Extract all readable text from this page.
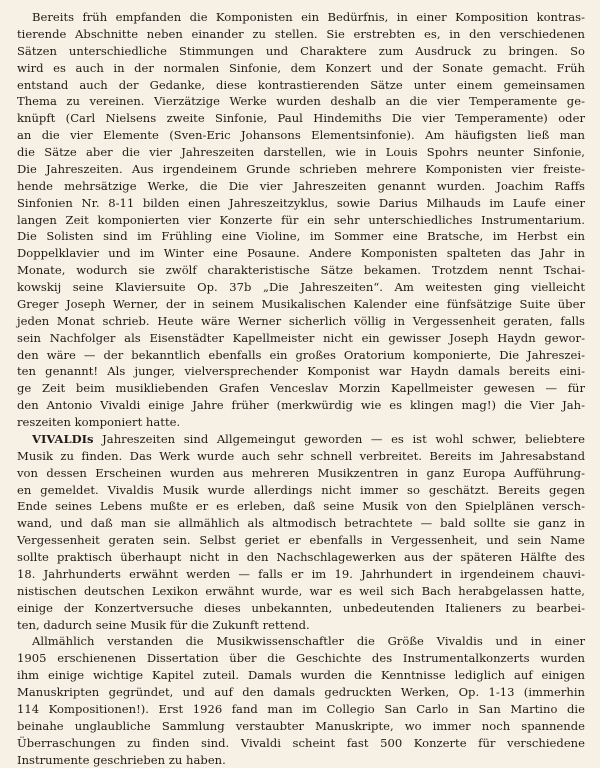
Bereits früh empfanden die Komponisten ein Bedürfnis, in einer Komposition kontras-
tierende Abschnitte neben einander zu stellen. Sie erstrebten es, in den verschiedenen
Sätzen unterschiedliche Stimmungen und Charaktere zum Ausdruck zu bringen. So
wird es auch in der normalen Sinfonie, dem Konzert und der Sonate gemacht. Früh
entstand auch der Gedanke, diese kontrastierenden Sätze unter einem gemeinsamen
Thema zu vereinen. Vierzätzige Werke wurden deshalb an die vier Temperamente ge-
knüpft (Carl Nielsens zweite Sinfonie, Paul Hindemiths Die vier Temperamente) oder
an die vier Elemente (Sven-Eric Johansons Elementsinfonie). Am häufigsten ließ man
die Sätze aber die vier Jahreszeiten darstellen, wie in Louis Spohrs neunter Sinfonie,
Die Jahreszeiten. Aus irgendeinem Grunde schrieben mehrere Komponisten vier freiste-
hende mehrsätzige Werke, die Die vier Jahreszeiten genannt wurden. Joachim Raffs
Sinfonien Nr. 8-11 bilden einen Jahreszeitzyklus, sowie Darius Milhauds im Laufe einer
langen Zeit komponierten vier Konzerte für ein sehr unterschiedliches Instrumentarium.
Die Solisten sind im Frühling eine Violine, im Sommer eine Bratsche, im Herbst ein
Doppelklavier und im Winter eine Posaune. Andere Komponisten spalteten das Jahr in
Monate, wodurch sie zwölf charakteristische Sätze bekamen. Trotzdem nennt Tschai-
kowskij seine Klaviersuite Op. 37b „Die Jahreszeiten“. Am weitesten ging vielleicht
Greger Joseph Werner, der in seinem Musikalischen Kalender eine fünfsätzige Suite über
jeden Monat schrieb. Heute wäre Werner sicherlich völlig in Vergessenheit geraten, falls
sein Nachfolger als Eisenstädter Kapellmeister nicht ein gewisser Joseph Haydn gewor-
den wäre — der bekanntlich ebenfalls ein großes Oratorium komponierte, Die Jahreszei-
ten genannt! Als junger, vielversprechender Komponist war Haydn damals bereits eini-
ge Zeit beim musikliebenden Grafen Venceslav Morzin Kapellmeister gewesen — für
den Antonio Vivaldi einige Jahre früher (merkwürdig wie es klingen mag!) die Vier Jah-
reszeiten komponiert hatte.
VIVALDIs Jahreszeiten sind Allgemeingut geworden — es ist wohl schwer, beliebtere
Musik zu finden. Das Werk wurde auch sehr schnell verbreitet. Bereits im Jahresabstand
von dessen Erscheinen wurden aus mehreren Musikzentren in ganz Europa Aufführung-
en gemeldet. Vivaldis Musik wurde allerdings nicht immer so geschätzt. Bereits gegen
Ende seines Lebens mußte er es erleben, daß seine Musik von den Spielplänen versch-
wand, und daß man sie allmählich als altmodisch betrachtete — bald sollte sie ganz in
Vergessenheit geraten sein. Selbst geriet er ebenfalls in Vergessenheit, und sein Name
sollte praktisch überhaupt nicht in den Nachschlagewerken aus der späteren Hälfte des
18. Jahrhunderts erwähnt werden — falls er im 19. Jahrhundert in irgendeinem chauvi-
nistischen deutschen Lexikon erwähnt wurde, war es weil sich Bach herabgelassen hatte,
einige der Konzertversuche dieses unbekannten, unbedeutenden Italieners zu bearbei-
ten, dadurch seine Musik für die Zukunft rettend.
Allmählich verstanden die Musikwissenschaftler die Größe Vivaldis und in einer
1905 erschienenen Dissertation über die Geschichte des Instrumentalkonzerts wurden
ihm einige wichtige Kapitel zuteil. Damals wurden die Kenntnisse lediglich auf einigen
Manuskripten gegründet, und auf den damals gedruckten Werken, Op. 1-13 (immerhin
114 Kompositionen!). Erst 1926 fand man im Collegio San Carlo in San Martino die
beinahe unglaubliche Sammlung verstaubter Manuskripte, wo immer noch spannende
Überraschungen zu finden sind. Vivaldi scheint fast 500 Konzerte für verschiedene
Instrumente geschrieben zu haben.
